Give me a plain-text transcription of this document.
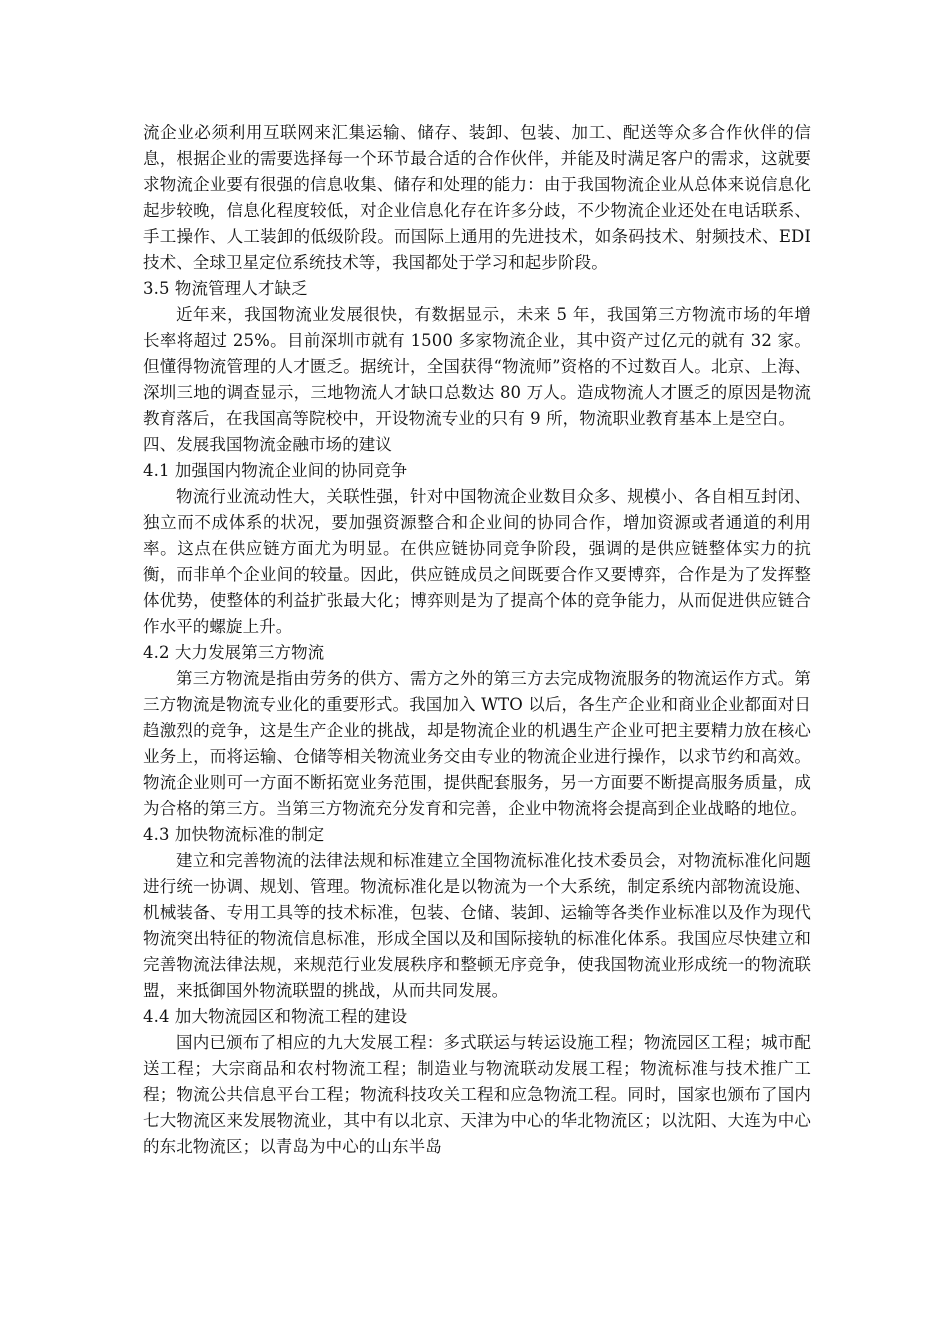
流企业必须利用互联网来汇集运输、储存、装卸、包装、加工、配送等众多合作伙伴的信息，根据企业的需要选择每一个环节最合适的合作伙伴，并能及时满足客户的需求，这就要求物流企业要有很强的信息收集、储存和处理的能力：由于我国物流企业从总体来说信息化起步较晚，信息化程度较低，对企业信息化存在许多分歧，不少物流企业还处在电话联系、手工操作、人工装卸的低级阶段。而国际上通用的先进技术，如条码技术、射频技术、EDI 技术、全球卫星定位系统技术等，我国都处于学习和起步阶段。

3.5 物流管理人才缺乏

近年来，我国物流业发展很快，有数据显示，未来 5 年，我国第三方物流市场的年增长率将超过 25%。目前深圳市就有 1500 多家物流企业，其中资产过亿元的就有 32 家。但懂得物流管理的人才匮乏。据统计，全国获得“物流师”资格的不过数百人。北京、上海、深圳三地的调查显示，三地物流人才缺口总数达 80 万人。造成物流人才匮乏的原因是物流教育落后，在我国高等院校中，开设物流专业的只有 9 所，物流职业教育基本上是空白。

四、发展我国物流金融市场的建议
4.1 加强国内物流企业间的协同竞争

物流行业流动性大，关联性强，针对中国物流企业数目众多、规模小、各自相互封闭、独立而不成体系的状况，要加强资源整合和企业间的协同合作，增加资源或者通道的利用率。这点在供应链方面尤为明显。在供应链协同竞争阶段，强调的是供应链整体实力的抗衡，而非单个企业间的较量。因此，供应链成员之间既要合作又要博弈，合作是为了发挥整体优势，使整体的利益扩张最大化；博弈则是为了提高个体的竞争能力，从而促进供应链合作水平的螺旋上升。

4.2 大力发展第三方物流

第三方物流是指由劳务的供方、需方之外的第三方去完成物流服务的物流运作方式。第三方物流是物流专业化的重要形式。我国加入 WTO 以后，各生产企业和商业企业都面对日趋激烈的竞争，这是生产企业的挑战，却是物流企业的机遇生产企业可把主要精力放在核心业务上，而将运输、仓储等相关物流业务交由专业的物流企业进行操作，以求节约和高效。物流企业则可一方面不断拓宽业务范围，提供配套服务，另一方面要不断提高服务质量，成为合格的第三方。当第三方物流充分发育和完善，企业中物流将会提高到企业战略的地位。

4.3 加快物流标准的制定

建立和完善物流的法律法规和标准建立全国物流标准化技术委员会，对物流标准化问题进行统一协调、规划、管理。物流标准化是以物流为一个大系统，制定系统内部物流设施、机械装备、专用工具等的技术标准，包装、仓储、装卸、运输等各类作业标准以及作为现代物流突出特征的物流信息标准，形成全国以及和国际接轨的标准化体系。我国应尽快建立和完善物流法律法规，来规范行业发展秩序和整顿无序竞争，使我国物流业形成统一的物流联盟，来抵御国外物流联盟的挑战，从而共同发展。

4.4 加大物流园区和物流工程的建设

国内已颁布了相应的九大发展工程：多式联运与转运设施工程；物流园区工程；城市配送工程；大宗商品和农村物流工程；制造业与物流联动发展工程；物流标准与技术推广工程；物流公共信息平台工程；物流科技攻关工程和应急物流工程。同时，国家也颁布了国内七大物流区来发展物流业，其中有以北京、天津为中心的华北物流区；以沈阳、大连为中心的东北物流区；以青岛为中心的山东半岛
